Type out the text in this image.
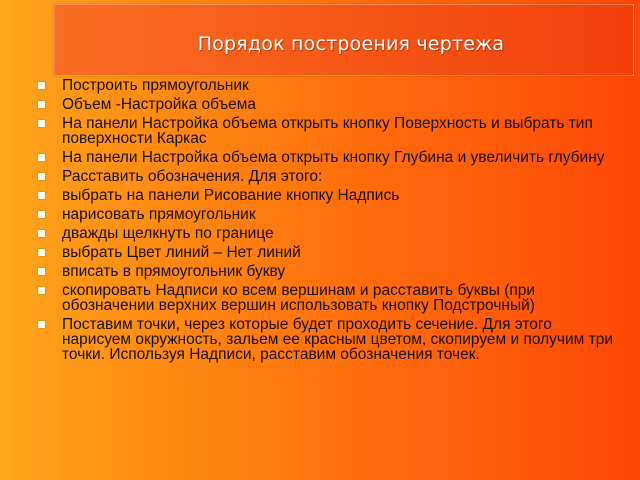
Порядок построения чертежа
Построить прямоугольник
Объем -Настройка объема
На панели Настройка объема открыть кнопку Поверхность и выбрать тип поверхности Каркас
На панели Настройка объема открыть кнопку Глубина и увеличить глубину
Расставить обозначения. Для этого:
выбрать на панели Рисование кнопку Надпись
нарисовать прямоугольник
дважды щелкнуть по границе
выбрать Цвет линий – Нет линий
вписать в прямоугольник букву
скопировать Надписи ко всем вершинам и расставить буквы (при обозначении верхних вершин использовать кнопку Подстрочный)
Поставим точки, через которые будет проходить сечение. Для этого нарисуем окружность, зальем ее красным цветом, скопируем и получим три точки. Используя Надписи, расставим обозначения точек.
